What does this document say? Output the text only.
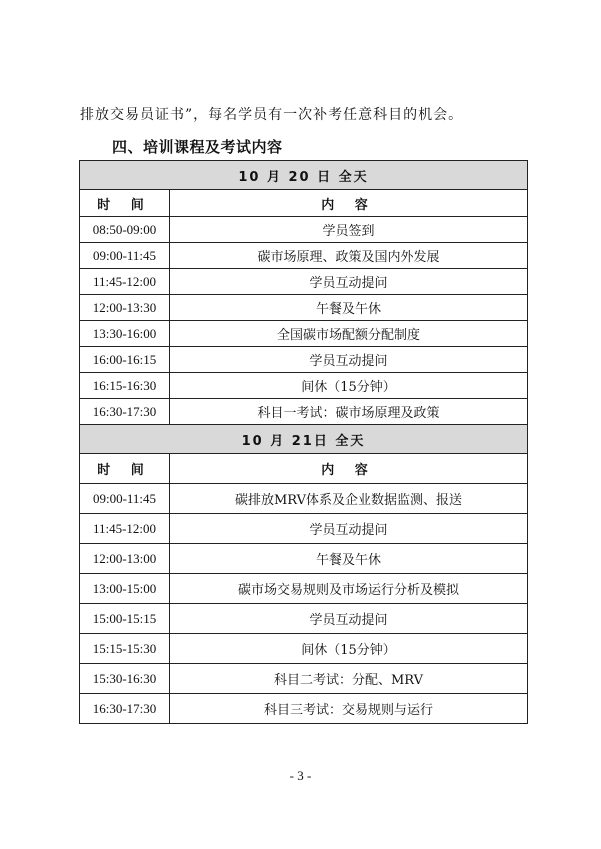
排放交易员证书”，每名学员有一次补考任意科目的机会。
四、培训课程及考试内容
10 月 20 日 全天	
时 间	内 容
08:50-09:00	学员签到
09:00-11:45	碳市场原理、政策及国内外发展
11:45-12:00	学员互动提问
12:00-13:30	午餐及午休
13:30-16:00	全国碳市场配额分配制度
16:00-16:15	学员互动提问
16:15-16:30	间休（15分钟）
16:30-17:30	科目一考试：碳市场原理及政策
10 月 21日 全天	
时 间	内 容
09:00-11:45	碳排放MRV体系及企业数据监测、报送
11:45-12:00	学员互动提问
12:00-13:00	午餐及午休
13:00-15:00	碳市场交易规则及市场运行分析及模拟
15:00-15:15	学员互动提问
15:15-15:30	间休（15分钟）
15:30-16:30	科目二考试：分配、MRV
16:30-17:30	科目三考试：交易规则与运行
- 3 -
